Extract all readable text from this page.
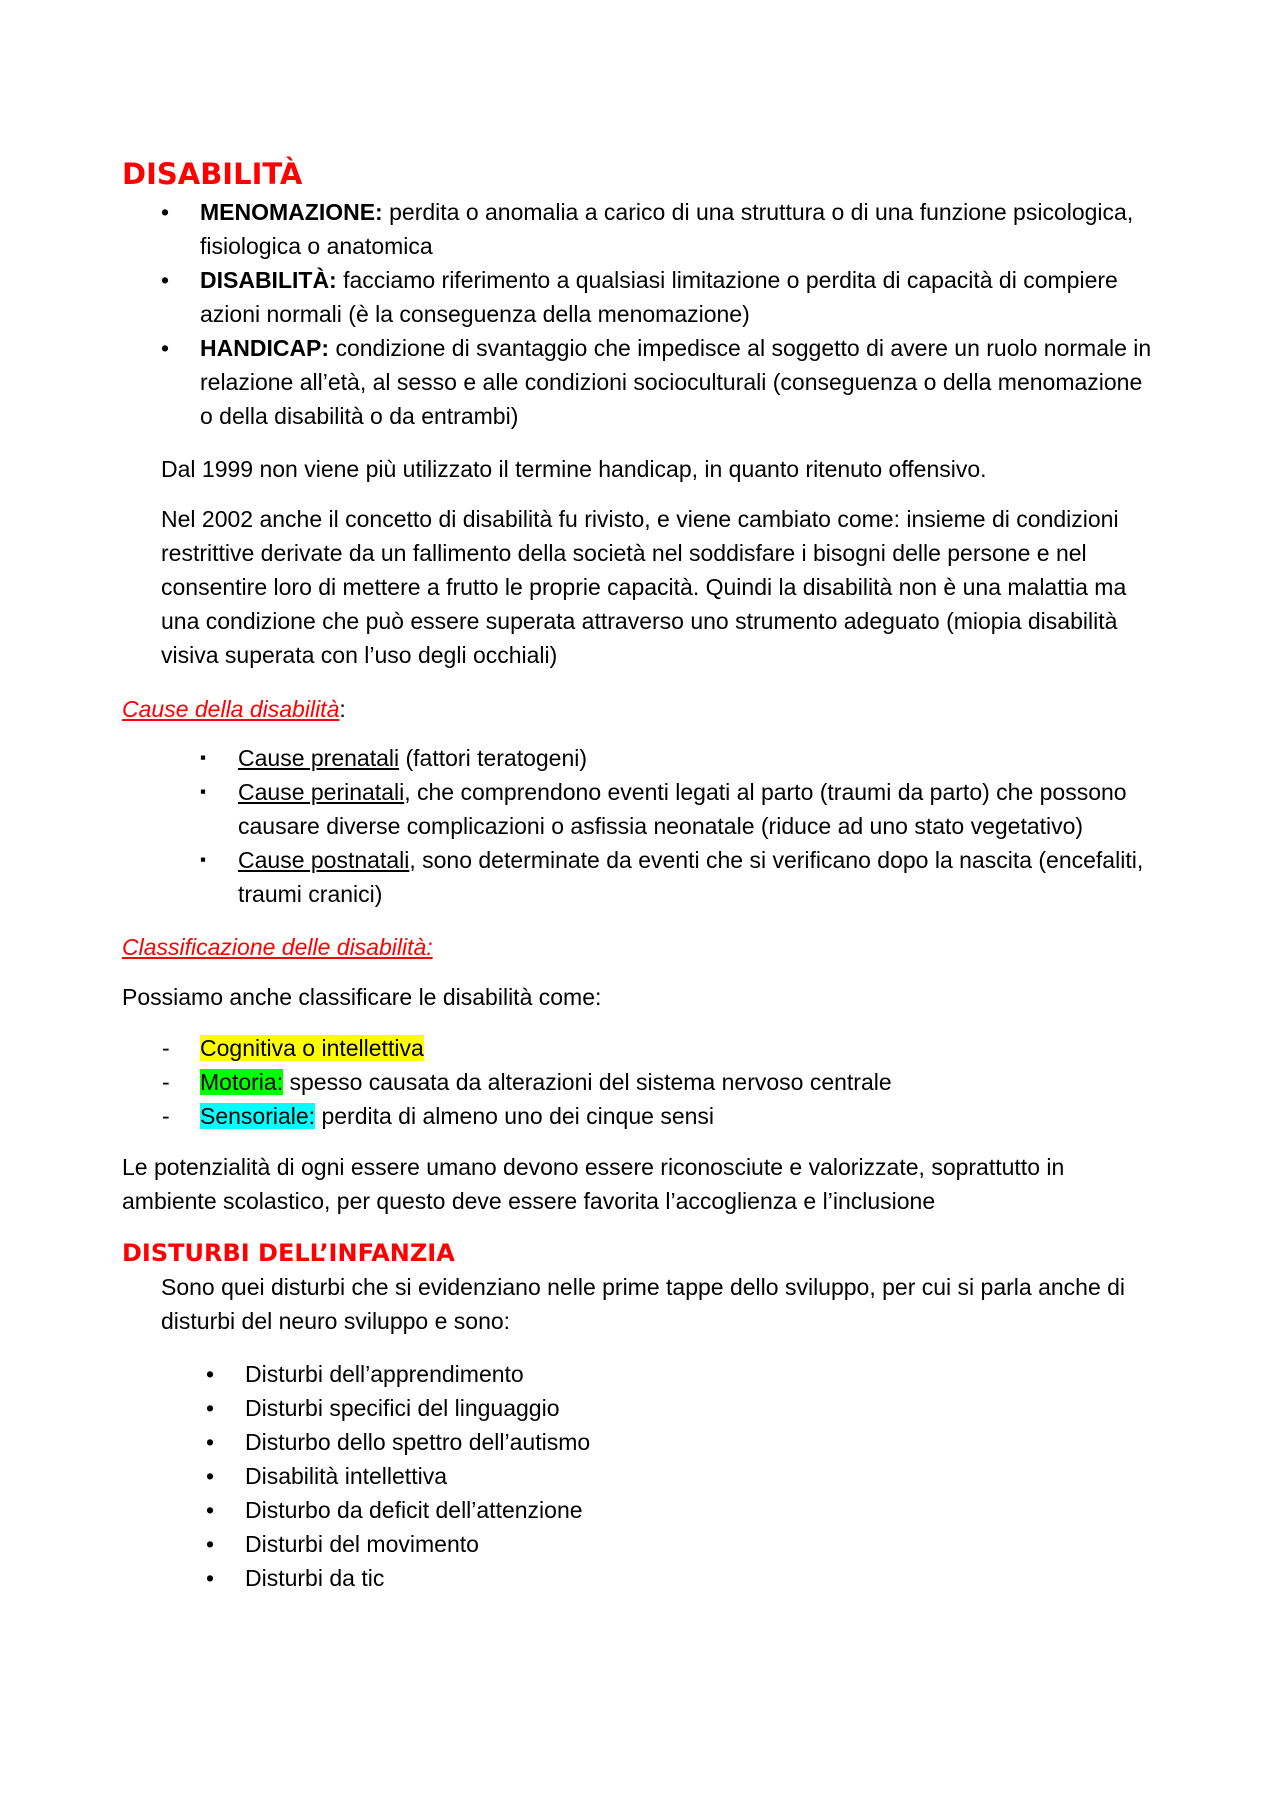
DISABILITÀ
• MENOMAZIONE: perdita o anomalia a carico di una struttura o di una funzione psicologica, fisiologica o anatomica
• DISABILITÀ: facciamo riferimento a qualsiasi limitazione o perdita di capacità di compiere azioni normali (è la conseguenza della menomazione)
• HANDICAP: condizione di svantaggio che impedisce al soggetto di avere un ruolo normale in relazione all’età, al sesso e alle condizioni socioculturali (conseguenza o della menomazione o della disabilità o da entrambi)

Dal 1999 non viene più utilizzato il termine handicap, in quanto ritenuto offensivo.

Nel 2002 anche il concetto di disabilità fu rivisto, e viene cambiato come: insieme di condizioni restrittive derivate da un fallimento della società nel soddisfare i bisogni delle persone e nel consentire loro di mettere a frutto le proprie capacità. Quindi la disabilità non è una malattia ma una condizione che può essere superata attraverso uno strumento adeguato (miopia disabilità visiva superata con l’uso degli occhiali)

Cause della disabilità:

▪ Cause prenatali (fattori teratogeni)
▪ Cause perinatali, che comprendono eventi legati al parto (traumi da parto) che possono causare diverse complicazioni o asfissia neonatale (riduce ad uno stato vegetativo)
▪ Cause postnatali, sono determinate da eventi che si verificano dopo la nascita (encefaliti, traumi cranici)

Classificazione delle disabilità:

Possiamo anche classificare le disabilità come:

- Cognitiva o intellettiva
- Motoria: spesso causata da alterazioni del sistema nervoso centrale
- Sensoriale: perdita di almeno uno dei cinque sensi

Le potenzialità di ogni essere umano devono essere riconosciute e valorizzate, soprattutto in ambiente scolastico, per questo deve essere favorita l’accoglienza e l’inclusione

DISTURBI DELL’INFANZIA

Sono quei disturbi che si evidenziano nelle prime tappe dello sviluppo, per cui si parla anche di disturbi del neuro sviluppo e sono:

• Disturbi dell’apprendimento
• Disturbi specifici del linguaggio
• Disturbo dello spettro dell’autismo
• Disabilità intellettiva
• Disturbo da deficit dell’attenzione
• Disturbi del movimento
• Disturbi da tic
